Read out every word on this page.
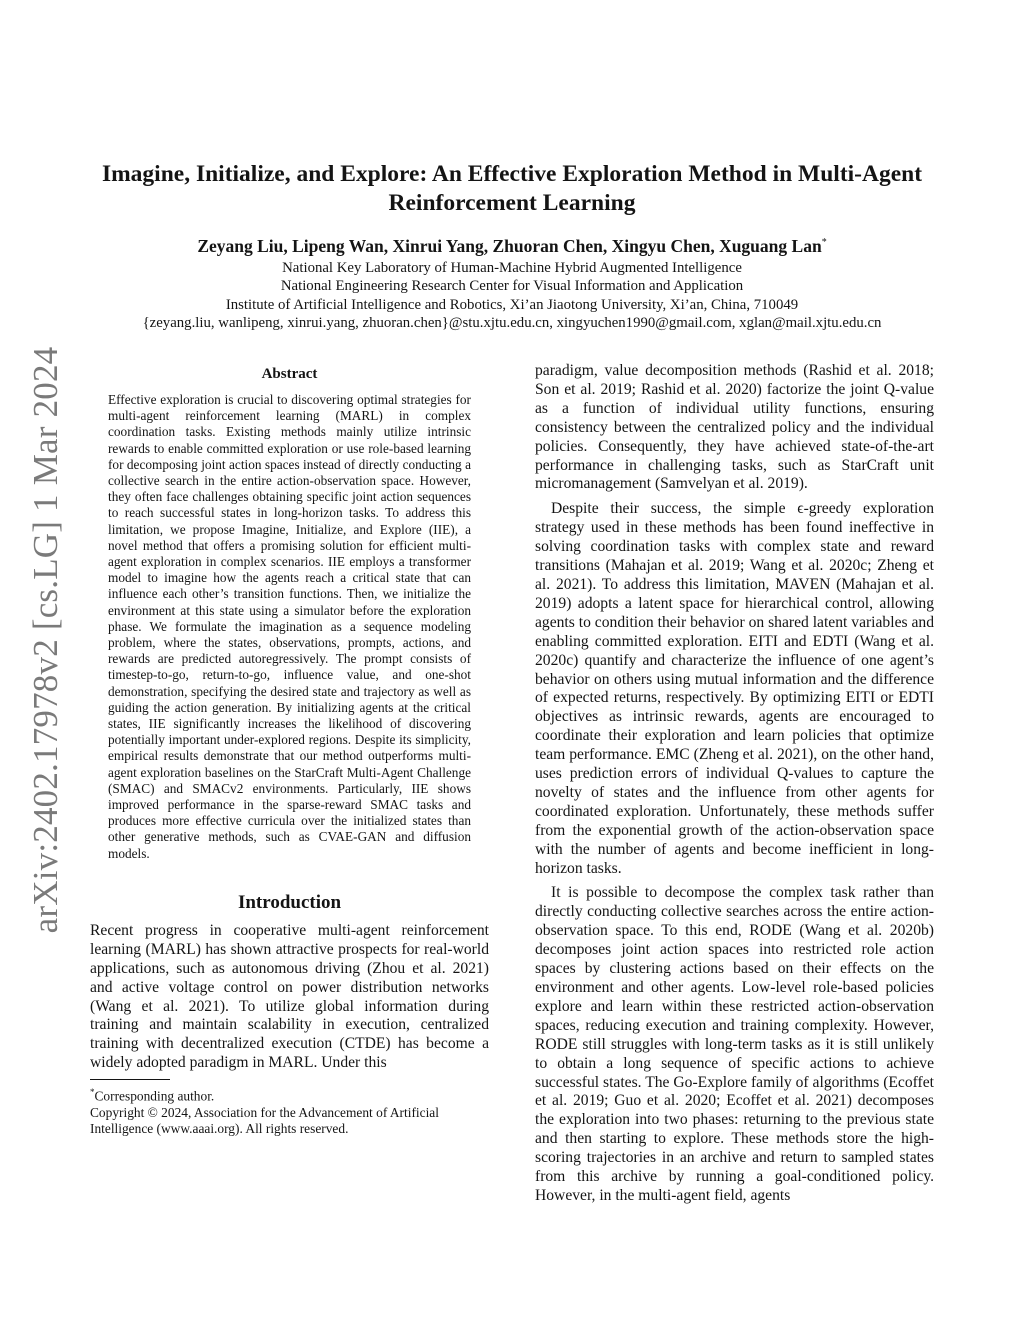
arXiv:2402.17978v2 [cs.LG] 1 Mar 2024
Imagine, Initialize, and Explore: An Effective Exploration Method in Multi-Agent Reinforcement Learning
Zeyang Liu, Lipeng Wan, Xinrui Yang, Zhuoran Chen, Xingyu Chen, Xuguang Lan*
National Key Laboratory of Human-Machine Hybrid Augmented Intelligence
National Engineering Research Center for Visual Information and Application
Institute of Artificial Intelligence and Robotics, Xi’an Jiaotong University, Xi’an, China, 710049
{zeyang.liu, wanlipeng, xinrui.yang, zhuoran.chen}@stu.xjtu.edu.cn, xingyuchen1990@gmail.com, xglan@mail.xjtu.edu.cn
Abstract

Effective exploration is crucial to discovering optimal strategies for multi-agent reinforcement learning (MARL) in complex coordination tasks. Existing methods mainly utilize intrinsic rewards to enable committed exploration or use role-based learning for decomposing joint action spaces instead of directly conducting a collective search in the entire action-observation space. However, they often face challenges obtaining specific joint action sequences to reach successful states in long-horizon tasks. To address this limitation, we propose Imagine, Initialize, and Explore (IIE), a novel method that offers a promising solution for efficient multi-agent exploration in complex scenarios. IIE employs a transformer model to imagine how the agents reach a critical state that can influence each other’s transition functions. Then, we initialize the environment at this state using a simulator before the exploration phase. We formulate the imagination as a sequence modeling problem, where the states, observations, prompts, actions, and rewards are predicted autoregressively. The prompt consists of timestep-to-go, return-to-go, influence value, and one-shot demonstration, specifying the desired state and trajectory as well as guiding the action generation. By initializing agents at the critical states, IIE significantly increases the likelihood of discovering potentially important under-explored regions. Despite its simplicity, empirical results demonstrate that our method outperforms multi-agent exploration baselines on the StarCraft Multi-Agent Challenge (SMAC) and SMACv2 environments. Particularly, IIE shows improved performance in the sparse-reward SMAC tasks and produces more effective curricula over the initialized states than other generative methods, such as CVAE-GAN and diffusion models.

Introduction

Recent progress in cooperative multi-agent reinforcement learning (MARL) has shown attractive prospects for real-world applications, such as autonomous driving (Zhou et al. 2021) and active voltage control on power distribution networks (Wang et al. 2021). To utilize global information during training and maintain scalability in execution, centralized training with decentralized execution (CTDE) has become a widely adopted paradigm in MARL. Under this

*Corresponding author.

Copyright © 2024, Association for the Advancement of Artificial Intelligence (www.aaai.org). All rights reserved.

paradigm, value decomposition methods (Rashid et al. 2018; Son et al. 2019; Rashid et al. 2020) factorize the joint Q-value as a function of individual utility functions, ensuring consistency between the centralized policy and the individual policies. Consequently, they have achieved state-of-the-art performance in challenging tasks, such as StarCraft unit micromanagement (Samvelyan et al. 2019).

Despite their success, the simple ϵ-greedy exploration strategy used in these methods has been found ineffective in solving coordination tasks with complex state and reward transitions (Mahajan et al. 2019; Wang et al. 2020c; Zheng et al. 2021). To address this limitation, MAVEN (Mahajan et al. 2019) adopts a latent space for hierarchical control, allowing agents to condition their behavior on shared latent variables and enabling committed exploration. EITI and EDTI (Wang et al. 2020c) quantify and characterize the influence of one agent’s behavior on others using mutual information and the difference of expected returns, respectively. By optimizing EITI or EDTI objectives as intrinsic rewards, agents are encouraged to coordinate their exploration and learn policies that optimize team performance. EMC (Zheng et al. 2021), on the other hand, uses prediction errors of individual Q-values to capture the novelty of states and the influence from other agents for coordinated exploration. Unfortunately, these methods suffer from the exponential growth of the action-observation space with the number of agents and become inefficient in long-horizon tasks.

It is possible to decompose the complex task rather than directly conducting collective searches across the entire action-observation space. To this end, RODE (Wang et al. 2020b) decomposes joint action spaces into restricted role action spaces by clustering actions based on their effects on the environment and other agents. Low-level role-based policies explore and learn within these restricted action-observation spaces, reducing execution and training complexity. However, RODE still struggles with long-term tasks as it is still unlikely to obtain a long sequence of specific actions to achieve successful states. The Go-Explore family of algorithms (Ecoffet et al. 2019; Guo et al. 2020; Ecoffet et al. 2021) decomposes the exploration into two phases: returning to the previous state and then starting to explore. These methods store the high-scoring trajectories in an archive and return to sampled states from this archive by running a goal-conditioned policy. However, in the multi-agent field, agents
